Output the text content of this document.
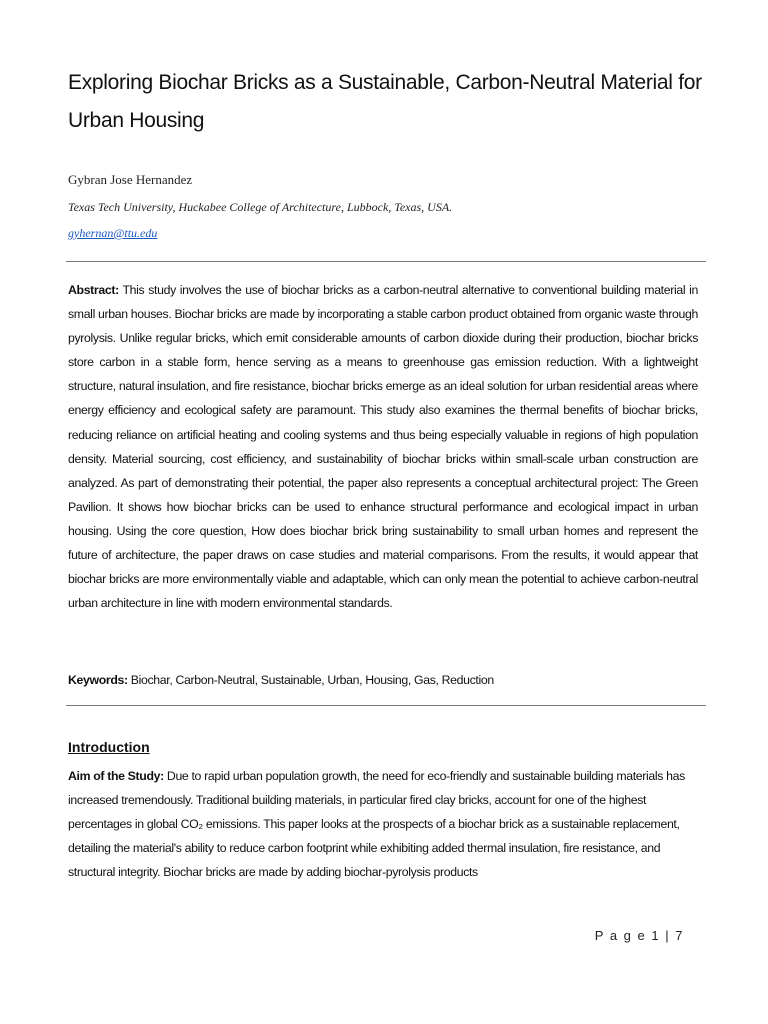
Exploring Biochar Bricks as a Sustainable, Carbon-Neutral Material for Urban Housing
Gybran Jose Hernandez
Texas Tech University, Huckabee College of Architecture, Lubbock, Texas, USA.
gyhernan@ttu.edu
Abstract: This study involves the use of biochar bricks as a carbon-neutral alternative to conventional building material in small urban houses. Biochar bricks are made by incorporating a stable carbon product obtained from organic waste through pyrolysis. Unlike regular bricks, which emit considerable amounts of carbon dioxide during their production, biochar bricks store carbon in a stable form, hence serving as a means to greenhouse gas emission reduction. With a lightweight structure, natural insulation, and fire resistance, biochar bricks emerge as an ideal solution for urban residential areas where energy efficiency and ecological safety are paramount. This study also examines the thermal benefits of biochar bricks, reducing reliance on artificial heating and cooling systems and thus being especially valuable in regions of high population density. Material sourcing, cost efficiency, and sustainability of biochar bricks within small-scale urban construction are analyzed. As part of demonstrating their potential, the paper also represents a conceptual architectural project: The Green Pavilion. It shows how biochar bricks can be used to enhance structural performance and ecological impact in urban housing. Using the core question, How does biochar brick bring sustainability to small urban homes and represent the future of architecture, the paper draws on case studies and material comparisons. From the results, it would appear that biochar bricks are more environmentally viable and adaptable, which can only mean the potential to achieve carbon-neutral urban architecture in line with modern environmental standards.
Keywords: Biochar, Carbon-Neutral, Sustainable, Urban, Housing, Gas, Reduction
Introduction
Aim of the Study: Due to rapid urban population growth, the need for eco-friendly and sustainable building materials has increased tremendously. Traditional building materials, in particular fired clay bricks, account for one of the highest percentages in global CO₂ emissions. This paper looks at the prospects of a biochar brick as a sustainable replacement, detailing the material's ability to reduce carbon footprint while exhibiting added thermal insulation, fire resistance, and structural integrity. Biochar bricks are made by adding biochar-pyrolysis products
P a g e 1 | 7
